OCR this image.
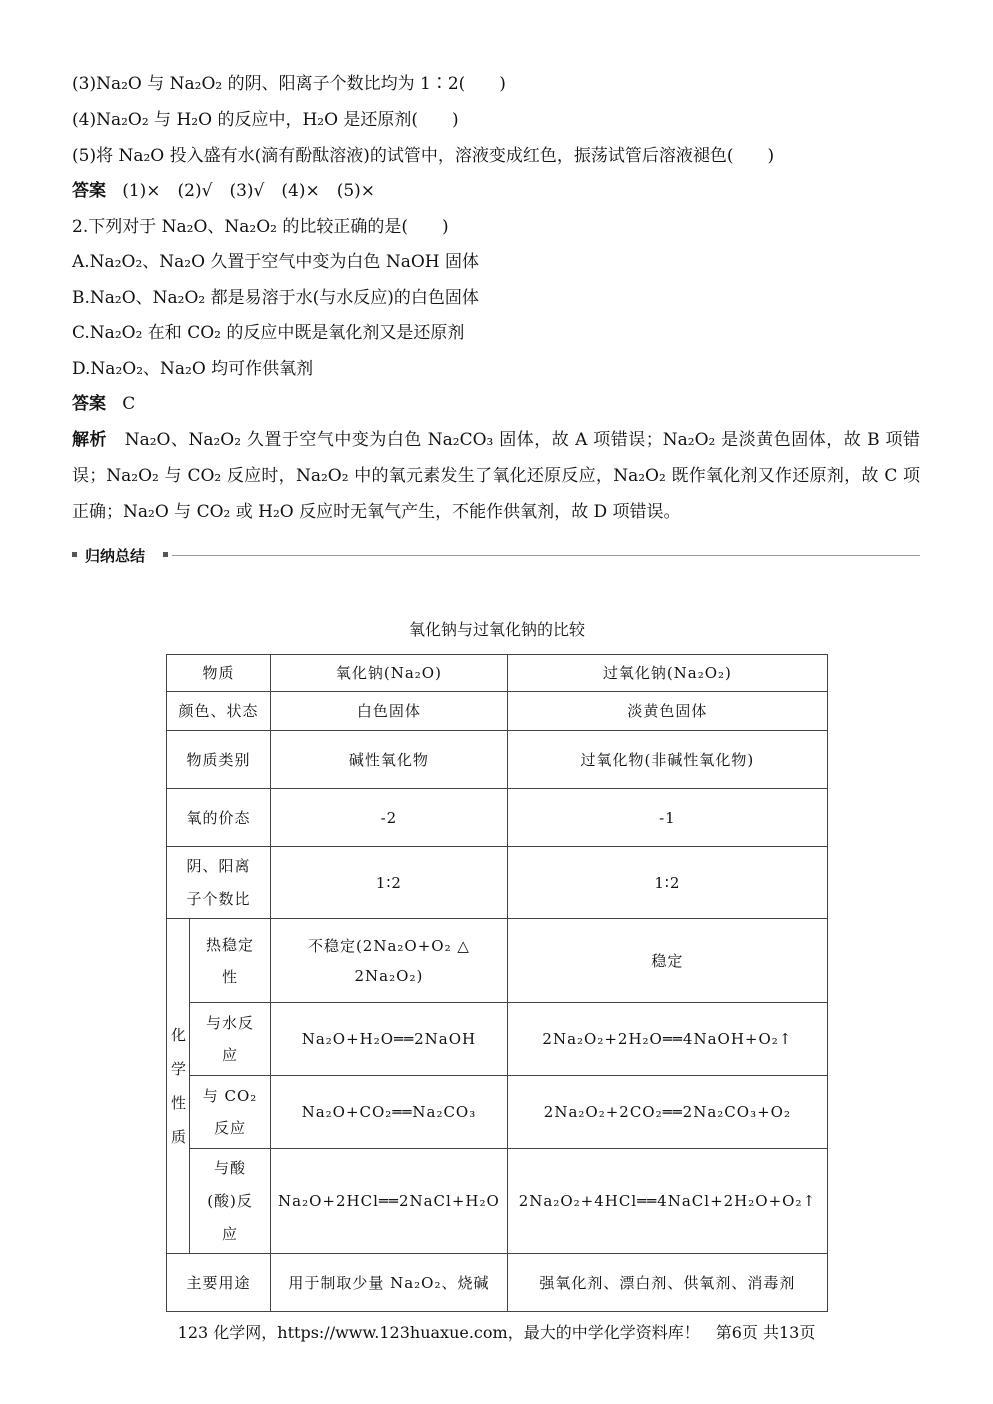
(3)Na₂O 与 Na₂O₂ 的阴、阳离子个数比均为 1∶2(　　)
(4)Na₂O₂ 与 H₂O 的反应中，H₂O 是还原剂(　　)
(5)将 Na₂O 投入盛有水(滴有酚酞溶液)的试管中，溶液变成红色，振荡试管后溶液褪色(　　)
答案 (1)×　(2)√　(3)√　(4)×　(5)×
2.下列对于 Na₂O、Na₂O₂ 的比较正确的是(　　)
A.Na₂O₂、Na₂O 久置于空气中变为白色 NaOH 固体
B.Na₂O、Na₂O₂ 都是易溶于水(与水反应)的白色固体
C.Na₂O₂ 在和 CO₂ 的反应中既是氧化剂又是还原剂
D.Na₂O₂、Na₂O 均可作供氧剂
答案 C
解析 Na₂O、Na₂O₂ 久置于空气中变为白色 Na₂CO₃ 固体，故 A 项错误；Na₂O₂ 是淡黄色固体，故 B 项错误；Na₂O₂ 与 CO₂ 反应时，Na₂O₂ 中的氧元素发生了氧化还原反应，Na₂O₂ 既作氧化剂又作还原剂，故 C 项正确；Na₂O 与 CO₂ 或 H₂O 反应时无氧气产生，不能作供氧剂，故 D 项错误。
归纳总结
氧化钠与过氧化钠的比较
物质		氧化钠(Na₂O)	过氧化钠(Na₂O₂)
颜色、状态		白色固体	淡黄色固体
物质类别		碱性氧化物	过氧化物(非碱性氧化物)
氧的价态		-2	-1

阴、阳离子个数比		1∶2	1∶2

化学性质	热稳定性	不稳定(2Na₂O+O₂ △ 2Na₂O₂)	稳定

	与水反应	Na₂O+H₂O══2NaOH	2Na₂O₂+2H₂O══4NaOH+O₂↑

	与 CO₂ 反应	Na₂O+CO₂══Na₂CO₃	2Na₂O₂+2CO₂══2Na₂CO₃+O₂

	与酸(酸)反应	Na₂O+2HCl══2NaCl+H₂O	2Na₂O₂+4HCl══4NaCl+2H₂O+O₂↑
主要用途		用于制取少量 Na₂O₂、烧碱	强氧化剂、漂白剂、供氧剂、消毒剂
123 化学网，https://www.123huaxue.com，最大的中学化学资料库！　第6页 共13页
